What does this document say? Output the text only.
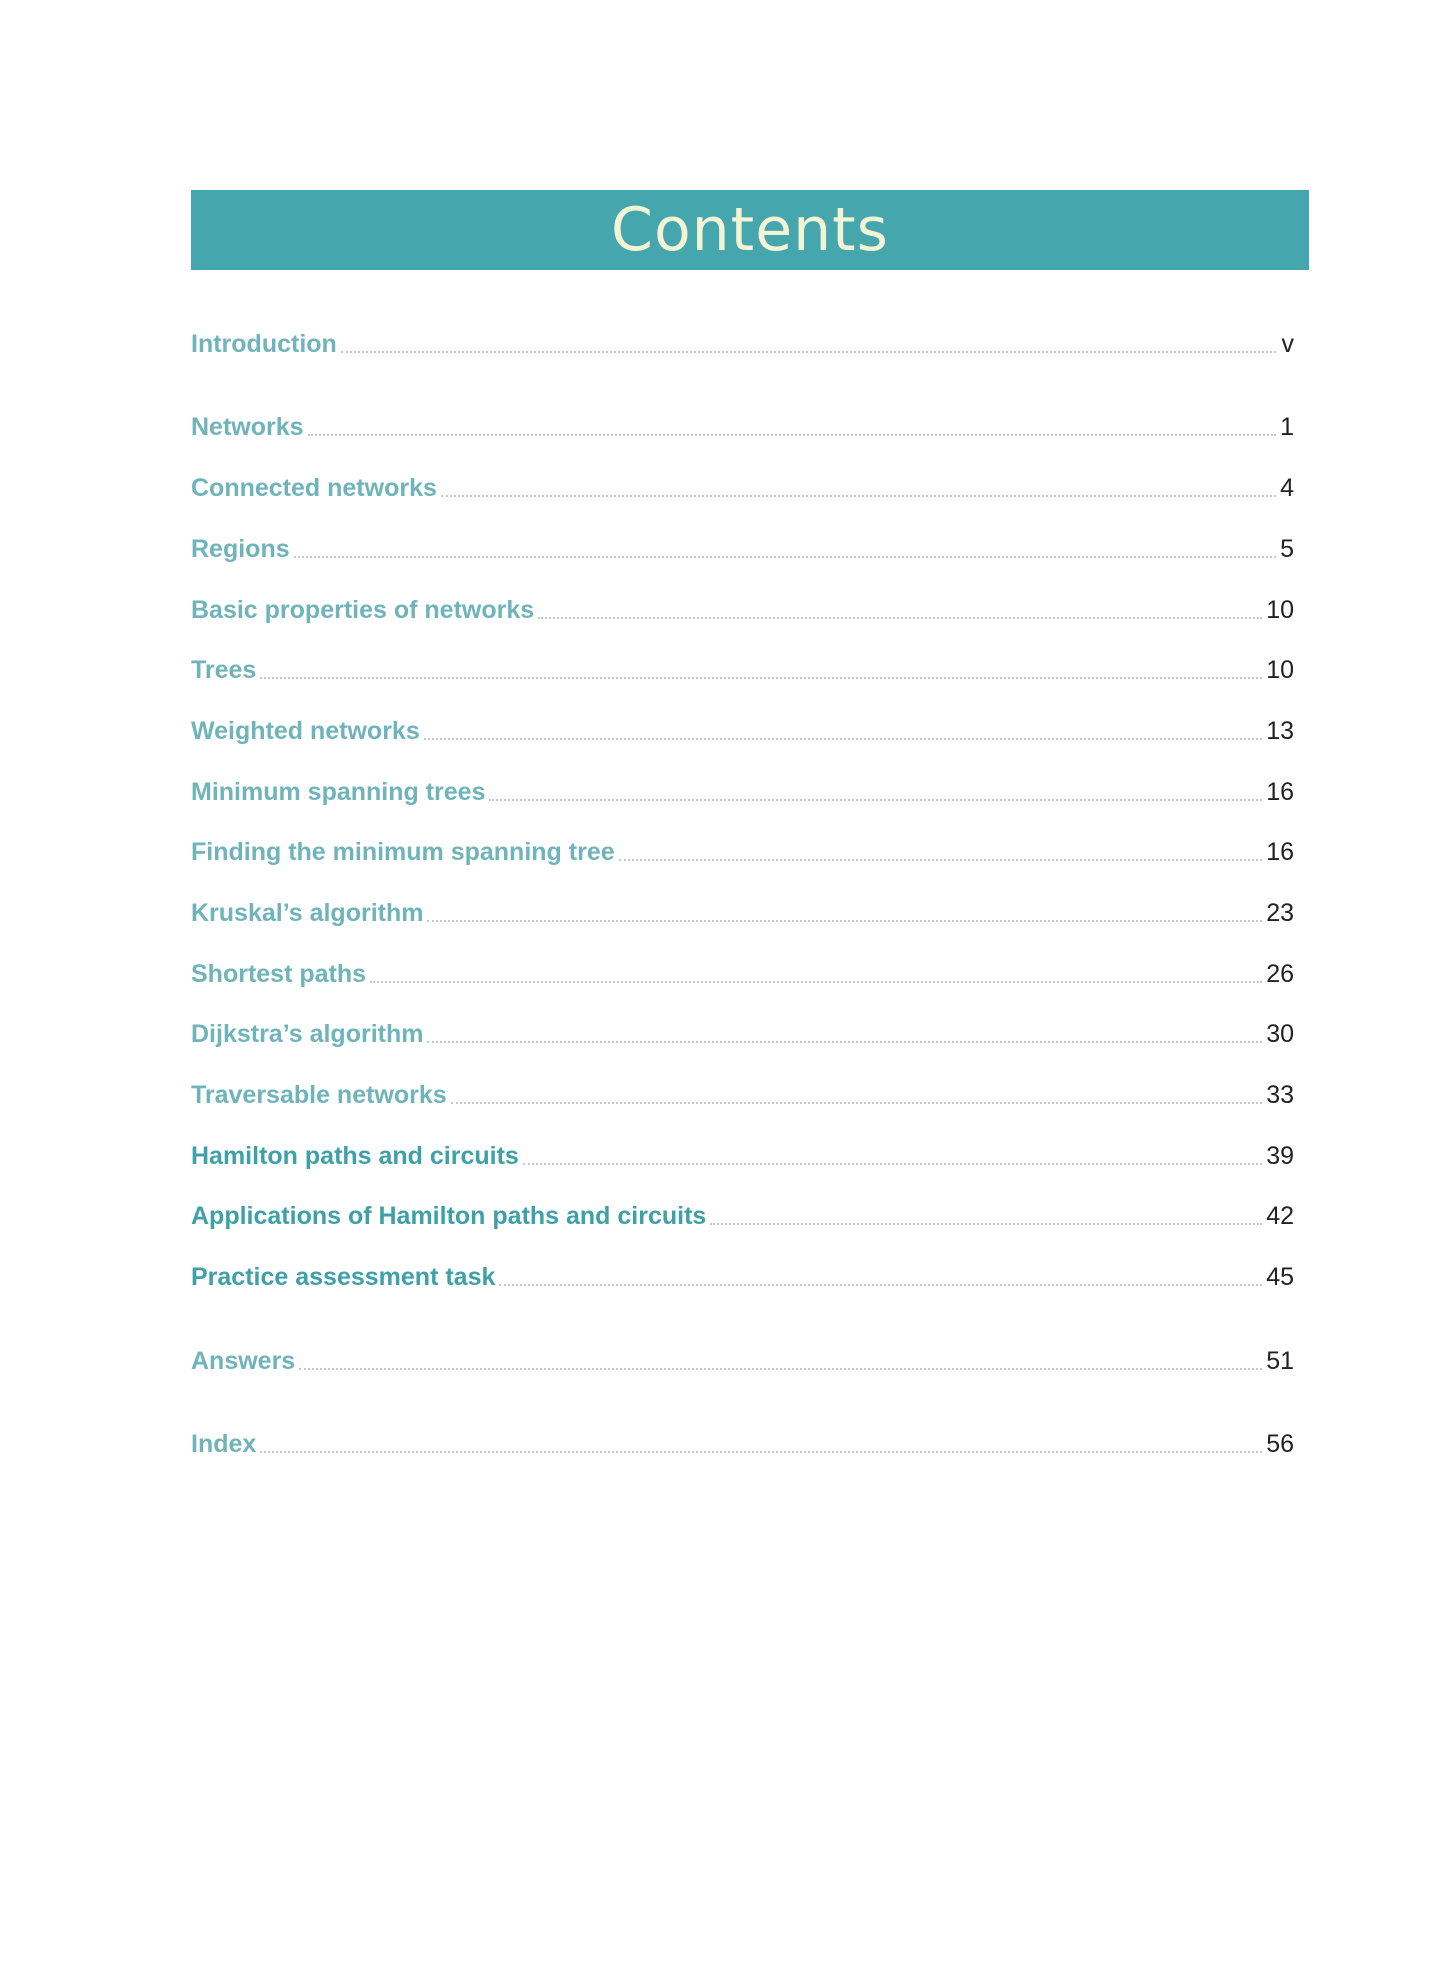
Contents
Introduction	v
Networks	1
Connected networks	4
Regions	5
Basic properties of networks	10
Trees	10
Weighted networks	13
Minimum spanning trees	16
Finding the minimum spanning tree	16
Kruskal’s algorithm	23
Shortest paths	26
Dijkstra’s algorithm	30
Traversable networks	33
Hamilton paths and circuits	39
Applications of Hamilton paths and circuits	42
Practice assessment task	45
Answers	51
Index	56
